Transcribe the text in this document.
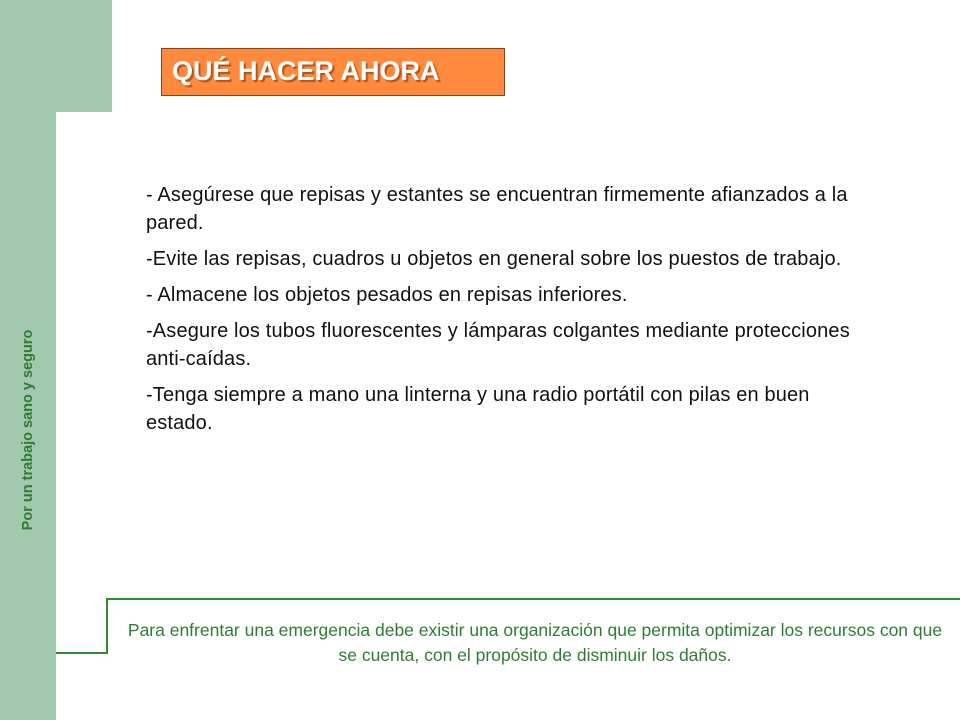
Por un trabajo sano y seguro
QUÉ HACER AHORA

- Asegúrese que repisas y estantes se encuentran firmemente afianzados a la pared.

-Evite las repisas, cuadros u objetos en general sobre los puestos de trabajo.

- Almacene los objetos pesados en repisas inferiores.

-Asegure los tubos fluorescentes y lámparas colgantes mediante protecciones anti-caídas.

-Tenga siempre a mano una linterna y una radio portátil con pilas en buen estado.

Para enfrentar una emergencia debe existir una organización que permita optimizar los recursos con que se cuenta, con el propósito de disminuir los daños.
